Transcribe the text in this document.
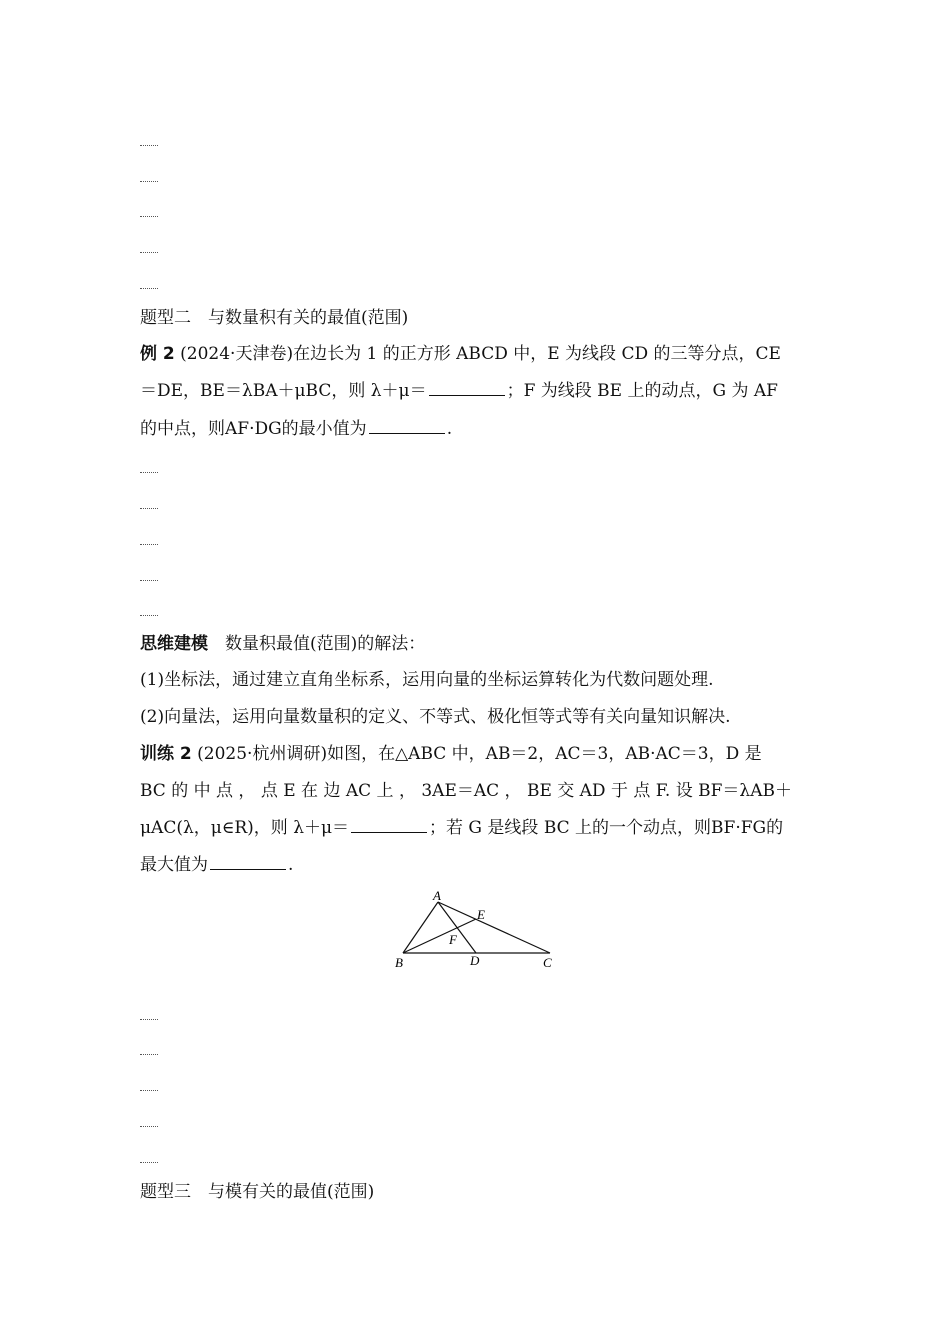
题型二　与数量积有关的最值(范围)
例 2 (2024·天津卷)在边长为 1 的正方形 ABCD 中，E 为线段 CD 的三等分点，CE
＝DE，BE＝λBA＋μBC，则 λ＋μ＝	；F 为线段 BE 上的动点，G 为 AF
的中点，则AF·DG的最小值为	.
思维建模　数量积最值(范围)的解法：
(1)坐标法，通过建立直角坐标系，运用向量的坐标运算转化为代数问题处理.
(2)向量法，运用向量数量积的定义、不等式、极化恒等式等有关向量知识解决.
训练 2 (2025·杭州调研)如图，在△ABC 中，AB＝2，AC＝3，AB·AC＝3，D 是
BC 的 中 点 ， 点 E 在 边 AC 上 ， 3AE＝AC ， BE 交 AD 于 点 F. 设 BF＝λAB＋
μAC(λ，μ∈R)，则 λ＋μ＝	；若 G 是线段 BC 上的一个动点，则BF·FG的
最大值为	.
A
E
F
B	D	C
题型三　与模有关的最值(范围)
